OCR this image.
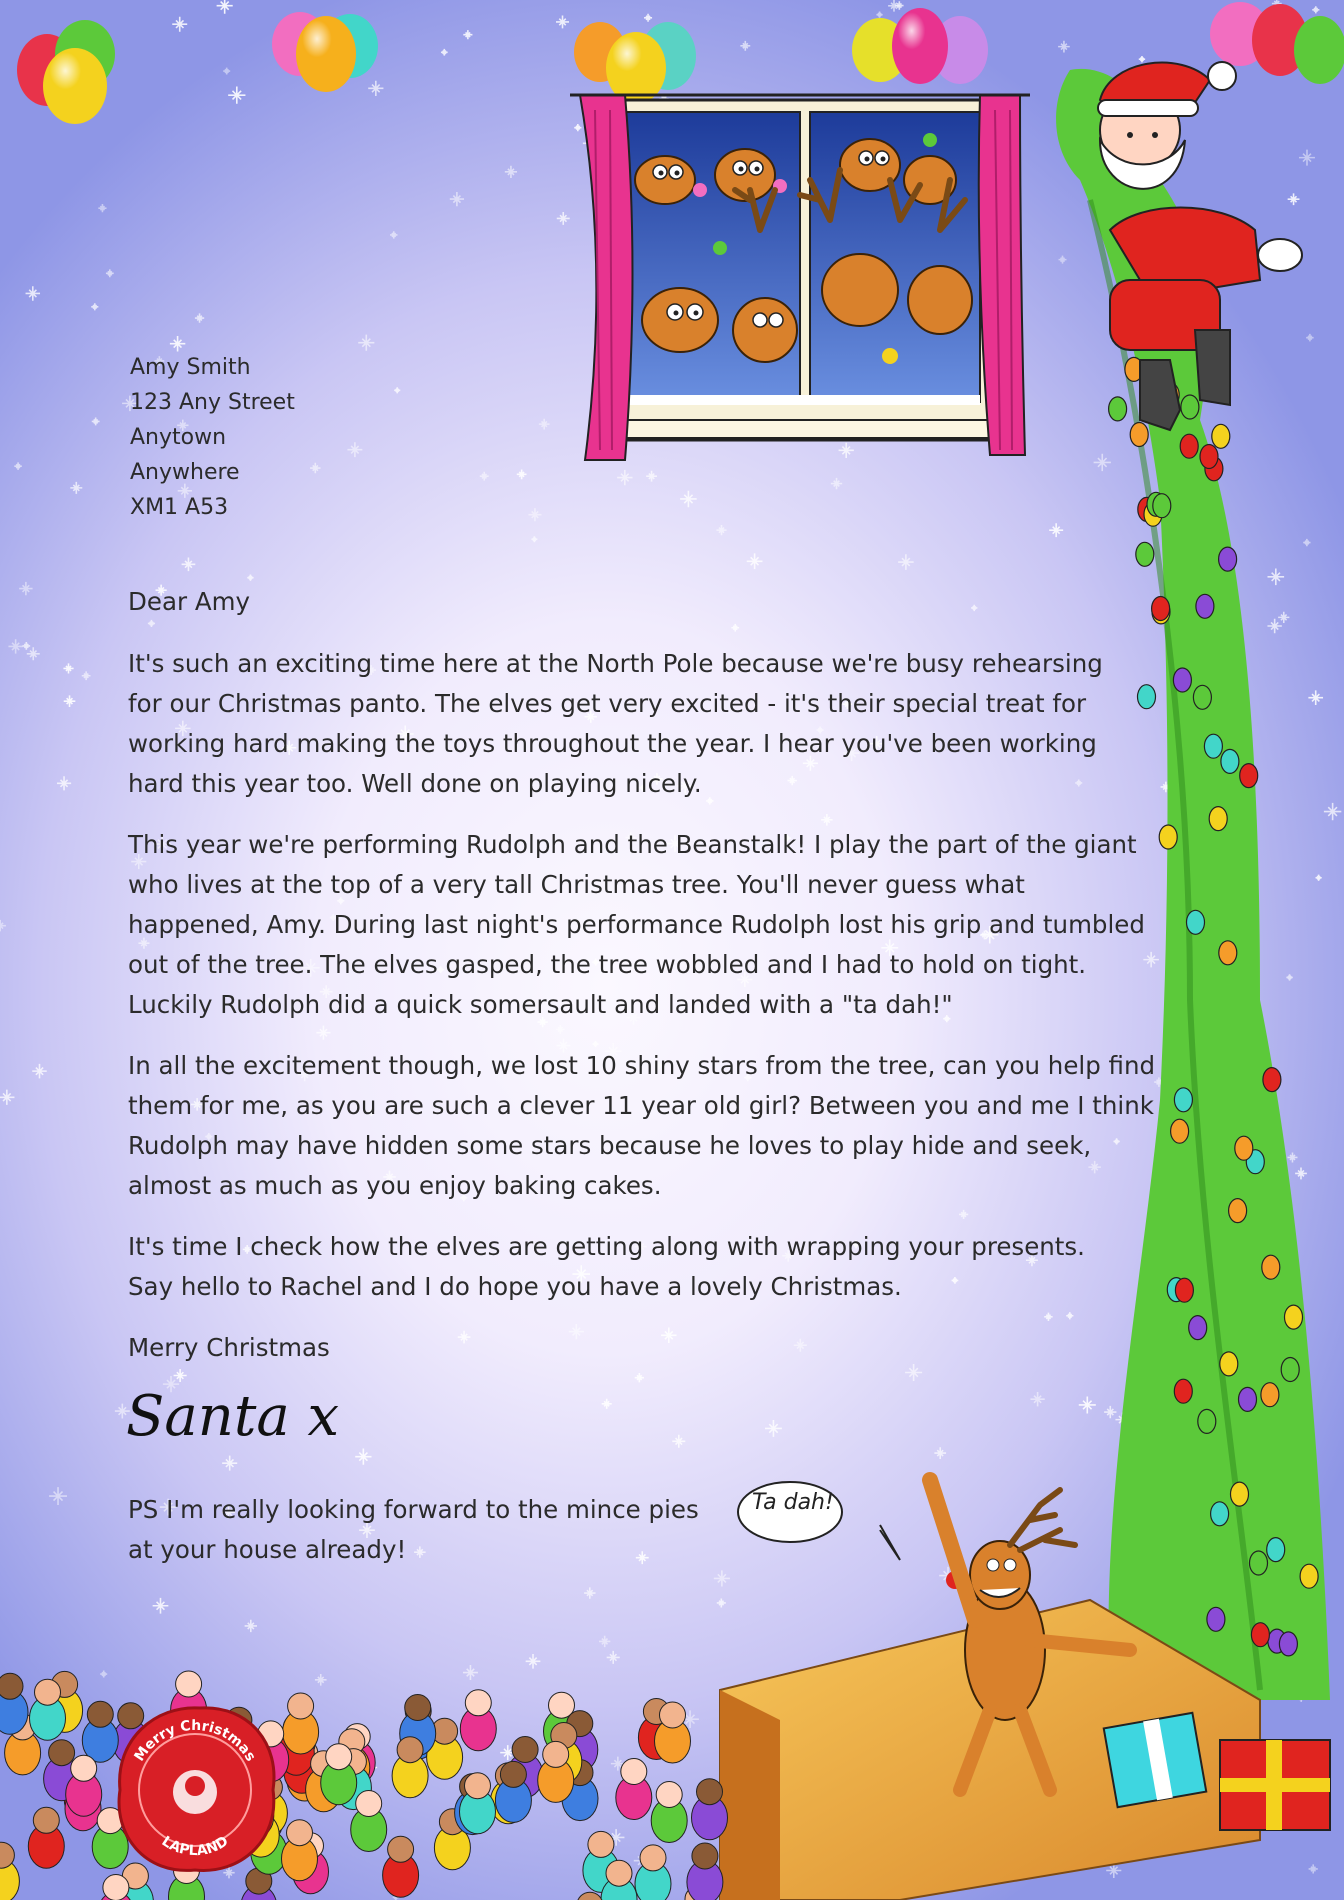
Merry Christmas
LAPLAND
Amy Smith
123 Any Street
Anytown
Anywhere
XM1 A53

Dear Amy

It's such an exciting time here at the North Pole because we're busy rehearsing for our Christmas panto. The elves get very excited - it's their special treat for working hard making the toys throughout the year. I hear you've been working hard this year too. Well done on playing nicely.

This year we're performing Rudolph and the Beanstalk! I play the part of the giant who lives at the top of a very tall Christmas tree. You'll never guess what happened, Amy. During last night's performance Rudolph lost his grip and tumbled out of the tree. The elves gasped, the tree wobbled and I had to hold on tight. Luckily Rudolph did a quick somersault and landed with a "ta dah!"

In all the excitement though, we lost 10 shiny stars from the tree, can you help find them for me, as you are such a clever 11 year old girl? Between you and me I think Rudolph may have hidden some stars because he loves to play hide and seek, almost as much as you enjoy baking cakes.

It's time I check how the elves are getting along with wrapping your presents. Say hello to Rachel and I do hope you have a lovely Christmas.

Merry Christmas

Santa x
PS I'm really looking forward to the mince pies at your house already!
Ta dah!
